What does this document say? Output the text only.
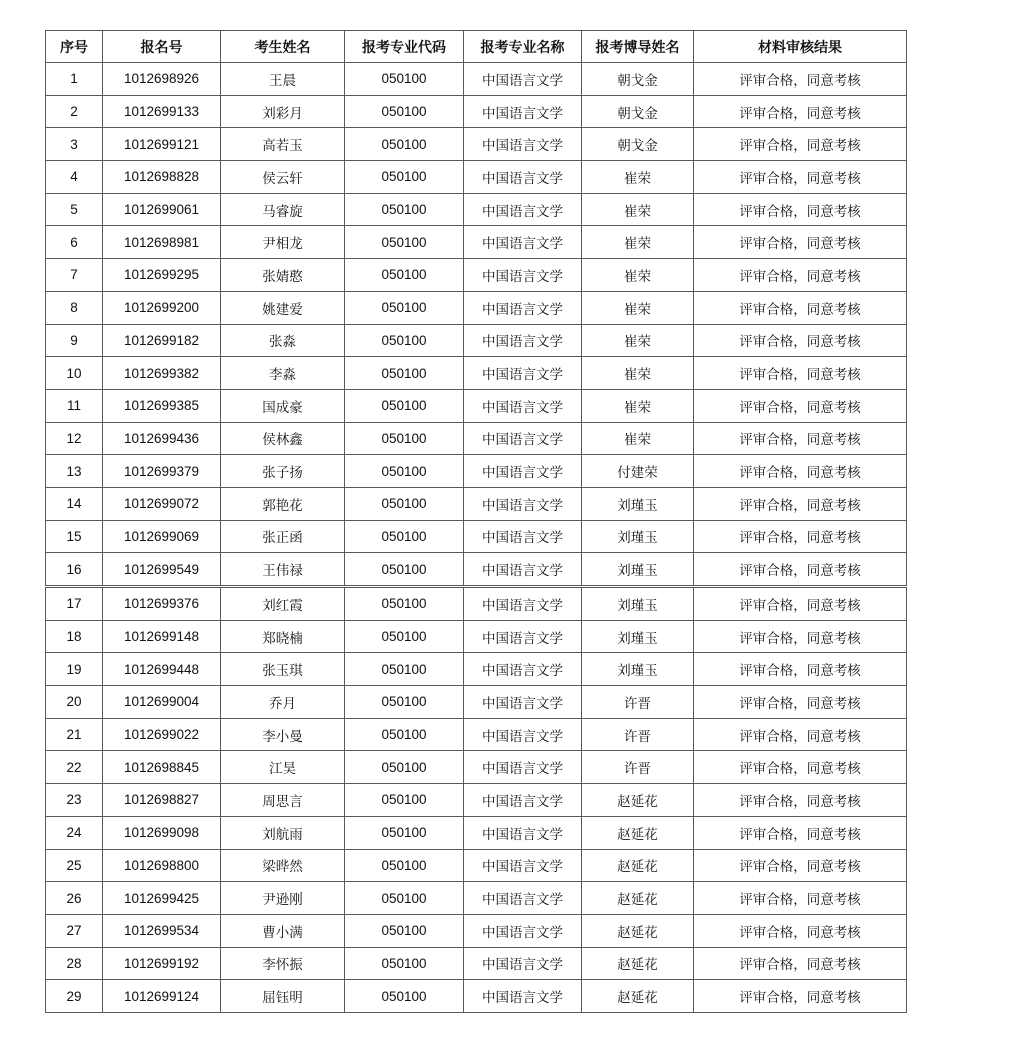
序号	报名号	考生姓名	报考专业代码	报考专业名称	报考博导姓名	材料审核结果
1	1012698926	王晨	050100	中国语言文学	朝戈金	评审合格，同意考核
2	1012699133	刘彩月	050100	中国语言文学	朝戈金	评审合格，同意考核
3	1012699121	高若玉	050100	中国语言文学	朝戈金	评审合格，同意考核
4	1012698828	侯云轩	050100	中国语言文学	崔荣	评审合格，同意考核
5	1012699061	马睿旋	050100	中国语言文学	崔荣	评审合格，同意考核
6	1012698981	尹相龙	050100	中国语言文学	崔荣	评审合格，同意考核
7	1012699295	张婧憨	050100	中国语言文学	崔荣	评审合格，同意考核
8	1012699200	姚建爱	050100	中国语言文学	崔荣	评审合格，同意考核
9	1012699182	张淼	050100	中国语言文学	崔荣	评审合格，同意考核
10	1012699382	李淼	050100	中国语言文学	崔荣	评审合格，同意考核
11	1012699385	国成豪	050100	中国语言文学	崔荣	评审合格，同意考核
12	1012699436	侯林鑫	050100	中国语言文学	崔荣	评审合格，同意考核
13	1012699379	张子扬	050100	中国语言文学	付建荣	评审合格，同意考核
14	1012699072	郭艳花	050100	中国语言文学	刘瑾玉	评审合格，同意考核
15	1012699069	张正函	050100	中国语言文学	刘瑾玉	评审合格，同意考核
16	1012699549	王伟禄	050100	中国语言文学	刘瑾玉	评审合格，同意考核
17	1012699376	刘红霞	050100	中国语言文学	刘瑾玉	评审合格，同意考核
18	1012699148	郑晓楠	050100	中国语言文学	刘瑾玉	评审合格，同意考核
19	1012699448	张玉琪	050100	中国语言文学	刘瑾玉	评审合格，同意考核
20	1012699004	乔月	050100	中国语言文学	许晋	评审合格，同意考核
21	1012699022	李小曼	050100	中国语言文学	许晋	评审合格，同意考核
22	1012698845	江昊	050100	中国语言文学	许晋	评审合格，同意考核
23	1012698827	周思言	050100	中国语言文学	赵延花	评审合格，同意考核
24	1012699098	刘航雨	050100	中国语言文学	赵延花	评审合格，同意考核
25	1012698800	梁晔然	050100	中国语言文学	赵延花	评审合格，同意考核
26	1012699425	尹逊刚	050100	中国语言文学	赵延花	评审合格，同意考核
27	1012699534	曹小满	050100	中国语言文学	赵延花	评审合格，同意考核
28	1012699192	李怀振	050100	中国语言文学	赵延花	评审合格，同意考核
29	1012699124	屈钰明	050100	中国语言文学	赵延花	评审合格，同意考核
